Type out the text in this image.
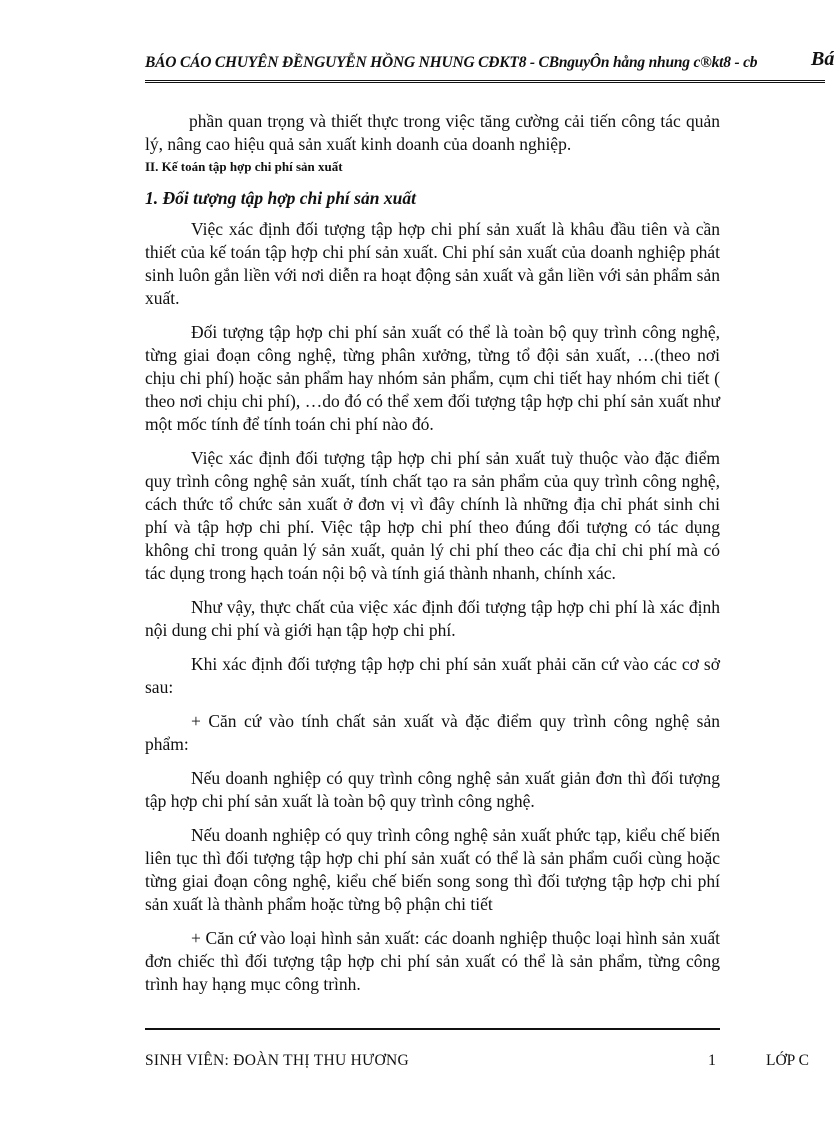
BÁO CÁO CHUYÊN ĐỀNGUYỄN HỒNG NHUNG CĐKT8 - CBnguyÔn hång nhung c®kt8 - cb	Bá

phần quan trọng và thiết thực trong việc tăng cường cải tiến công tác quản lý, nâng cao hiệu quả sản xuất kinh doanh của doanh nghiệp.

II. Kế toán tập hợp chi phí sản xuất
1. Đối tượng tập hợp chi phí sản xuất

Việc xác định đối tượng tập hợp chi phí sản xuất là khâu đầu tiên và cần thiết của kế toán tập hợp chi phí sản xuất. Chi phí sản xuất của doanh nghiệp phát sinh luôn gắn liền với nơi diễn ra hoạt động sản xuất và gắn liền với sản phẩm sản xuất.

Đối tượng tập hợp chi phí sản xuất có thể là toàn bộ quy trình công nghệ, từng giai đoạn công nghệ, từng phân xưởng, từng tổ đội sản xuất, …(theo nơi chịu chi phí) hoặc sản phẩm hay nhóm sản phẩm, cụm chi tiết hay nhóm chi tiết ( theo nơi chịu chi phí), …do đó có thể xem đối tượng tập hợp chi phí sản xuất như một mốc tính để tính toán chi phí nào đó.

Việc xác định đối tượng tập hợp chi phí sản xuất tuỳ thuộc vào đặc điểm quy trình công nghệ sản xuất, tính chất tạo ra sản phẩm của quy trình công nghệ, cách thức tổ chức sản xuất ở đơn vị vì đây chính là những địa chỉ phát sinh chi phí và tập hợp chi phí. Việc tập hợp chi phí theo đúng đối tượng có tác dụng không chỉ trong quản lý sản xuất, quản lý chi phí theo các địa chỉ chi phí mà có tác dụng trong hạch toán nội bộ và tính giá thành nhanh, chính xác.

Như vậy, thực chất của việc xác định đối tượng tập hợp chi phí là xác định nội dung chi phí và giới hạn tập hợp chi phí.

Khi xác định đối tượng tập hợp chi phí sản xuất phải căn cứ vào các cơ sở sau:

+ Căn cứ vào tính chất sản xuất và đặc điểm quy trình công nghệ sản phẩm:

Nếu doanh nghiệp có quy trình công nghệ sản xuất giản đơn thì đối tượng tập hợp chi phí sản xuất là toàn bộ quy trình công nghệ.

Nếu doanh nghiệp có quy trình công nghệ sản xuất phức tạp, kiểu chế biến liên tục thì đối tượng tập hợp chi phí sản xuất có thể là sản phẩm cuối cùng hoặc từng giai đoạn công nghệ, kiểu chế biến song song thì đối tượng tập hợp chi phí sản xuất là thành phẩm hoặc từng bộ phận chi tiết

+ Căn cứ vào loại hình sản xuất: các doanh nghiệp thuộc loại hình sản xuất đơn chiếc thì đối tượng tập hợp chi phí sản xuất có thể là sản phẩm, từng công trình hay hạng mục công trình.

SINH VIÊN: ĐOÀN THỊ THU HƯƠNG	1	LỚP C
